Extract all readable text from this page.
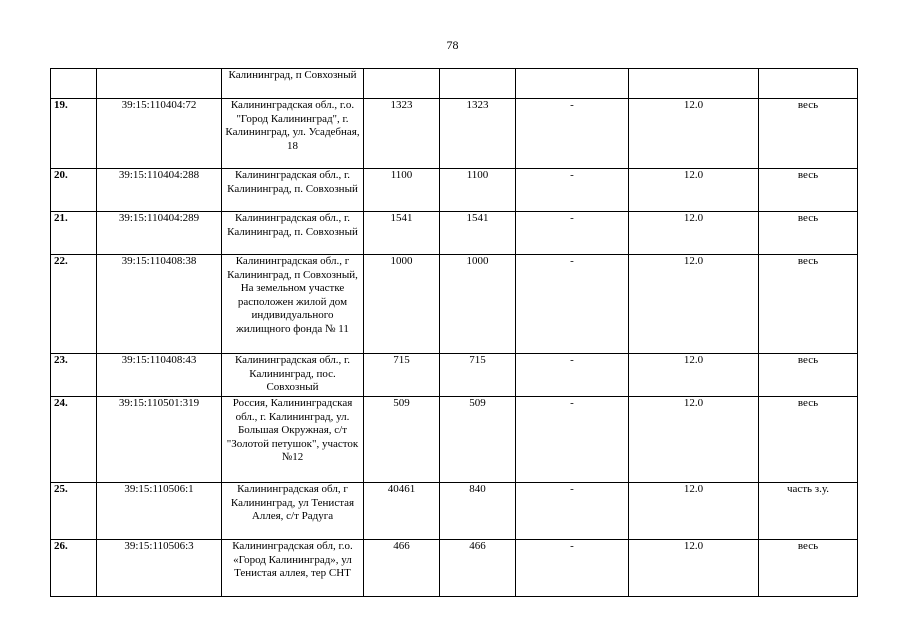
78
		Калининград, п Совхозный					
19.	39:15:110404:72	Калининградская обл., г.о. "Город Калининград", г. Калининград, ул. Усадебная, 18	1323	1323	-	12.0	весь
20.	39:15:110404:288	Калининградская обл., г. Калининград, п. Совхозный	1100	1100	-	12.0	весь
21.	39:15:110404:289	Калининградская обл., г. Калининград, п. Совхозный	1541	1541	-	12.0	весь
22.	39:15:110408:38	Калининградская обл., г Калининград, п Совхозный, На земельном участке расположен жилой дом индивидуального жилищного фонда № 11	1000	1000	-	12.0	весь
23.	39:15:110408:43	Калининградская обл., г. Калининград, пос. Совхозный	715	715	-	12.0	весь
24.	39:15:110501:319	Россия, Калининградская обл., г. Калининград, ул. Большая Окружная, с/т "Золотой петушок", участок №12	509	509	-	12.0	весь
25.	39:15:110506:1	Калининградская обл, г Калининград, ул Тенистая Аллея, с/т Радуга	40461	840	-	12.0	часть з.у.
26.	39:15:110506:3	Калининградская обл, г.о. «Город Калининград», ул Тенистая аллея, тер СНТ	466	466	-	12.0	весь
